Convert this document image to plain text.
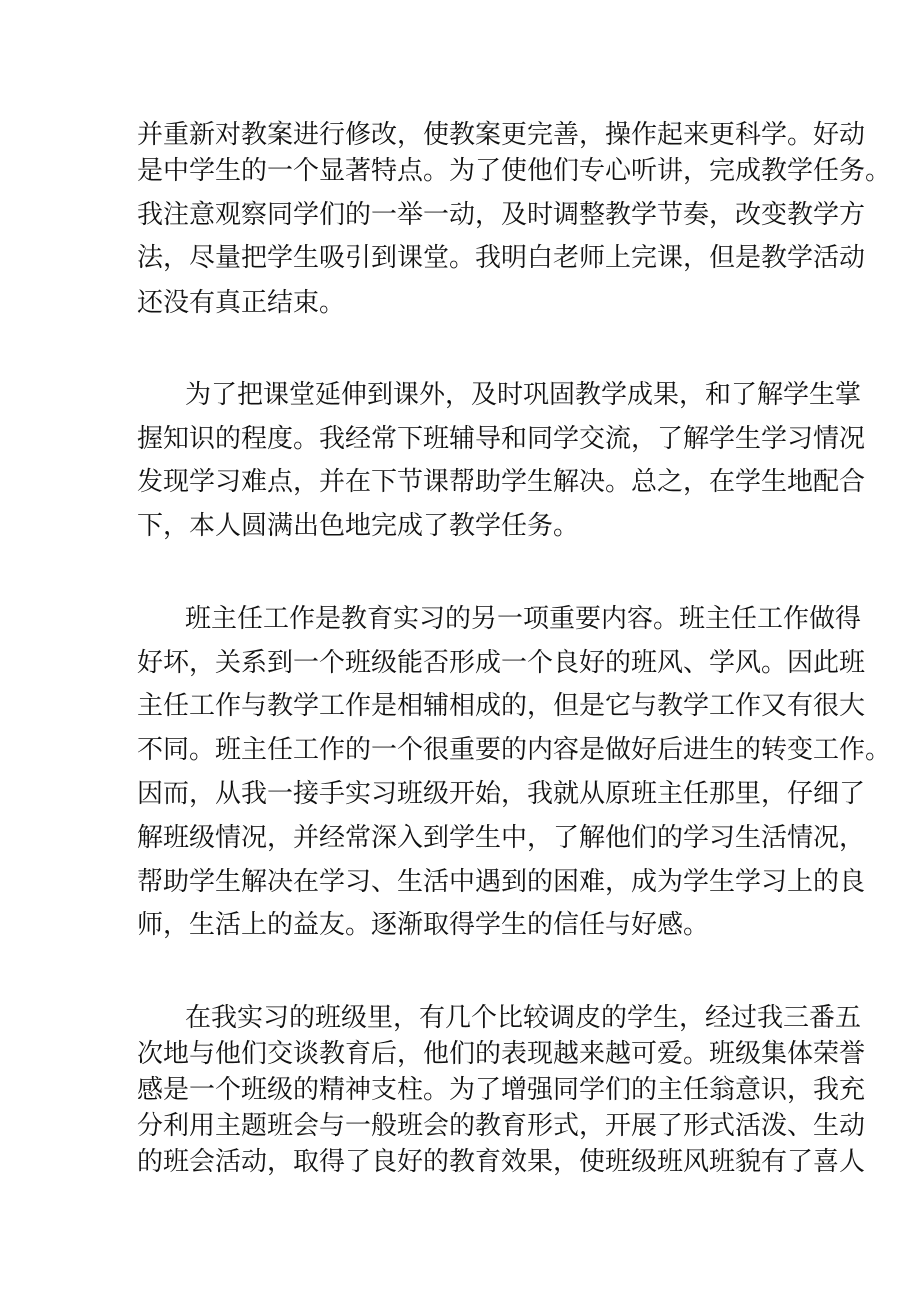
并重新对教案进行修改，使教案更完善，操作起来更科学。好动
是中学生的一个显著特点。为了使他们专心听讲，完成教学任务。
我注意观察同学们的一举一动，及时调整教学节奏，改变教学方
法，尽量把学生吸引到课堂。我明白老师上完课，但是教学活动
还没有真正结束。
为了把课堂延伸到课外，及时巩固教学成果，和了解学生掌
握知识的程度。我经常下班辅导和同学交流，了解学生学习情况
发现学习难点，并在下节课帮助学生解决。总之，在学生地配合
下，本人圆满出色地完成了教学任务。
班主任工作是教育实习的另一项重要内容。班主任工作做得
好坏，关系到一个班级能否形成一个良好的班风、学风。因此班
主任工作与教学工作是相辅相成的，但是它与教学工作又有很大
不同。班主任工作的一个很重要的内容是做好后进生的转变工作。
因而，从我一接手实习班级开始，我就从原班主任那里，仔细了
解班级情况，并经常深入到学生中，了解他们的学习生活情况，
帮助学生解决在学习、生活中遇到的困难，成为学生学习上的良
师，生活上的益友。逐渐取得学生的信任与好感。
在我实习的班级里，有几个比较调皮的学生，经过我三番五
次地与他们交谈教育后，他们的表现越来越可爱。班级集体荣誉
感是一个班级的精神支柱。为了增强同学们的主任翁意识，我充
分利用主题班会与一般班会的教育形式，开展了形式活泼、生动
的班会活动，取得了良好的教育效果，使班级班风班貌有了喜人
